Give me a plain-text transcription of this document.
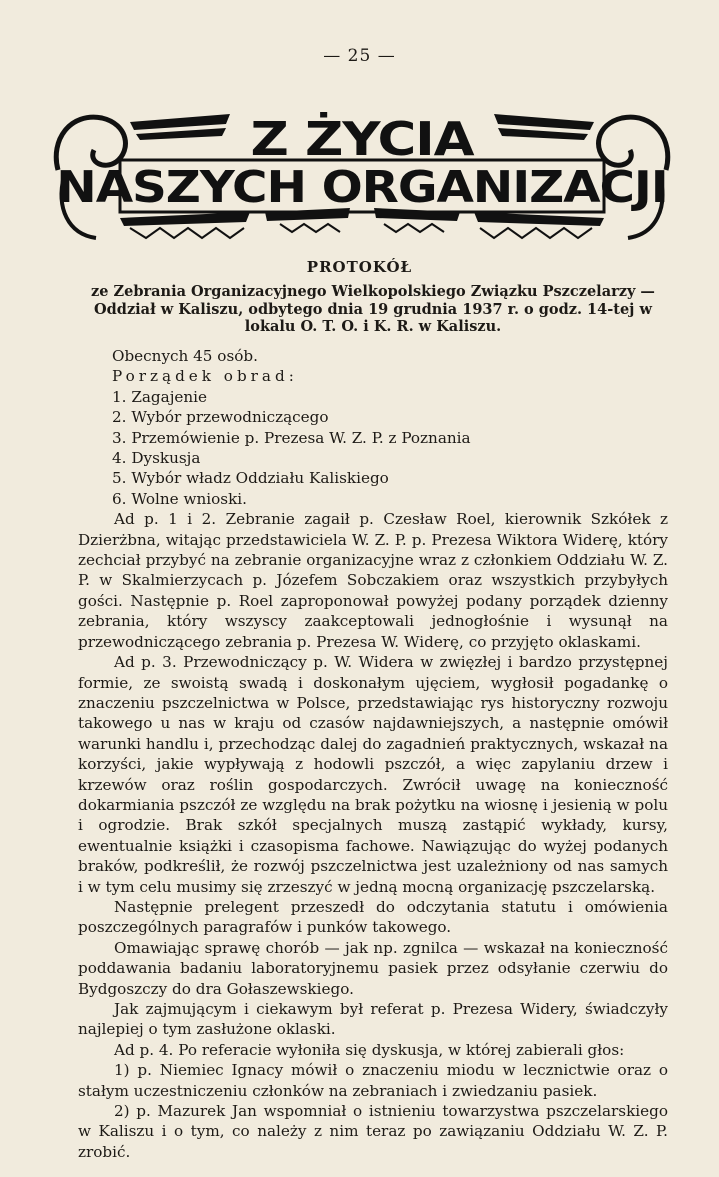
— 25 —
Z ŻYCIA
NASZYCH ORGANIZACJI
PROTOKÓŁ
ze Zebrania Organizacyjnego Wielkopolskiego Związku Pszczelarzy — Oddział w Kaliszu, odbytego dnia 19 grudnia 1937 r. o godz. 14-tej w lokalu O. T. O. i K. R. w Kaliszu.
Obecnych 45 osób.
Porządek obrad:
1. Zagajenie
2. Wybór przewodniczącego
3. Przemówienie p. Prezesa W. Z. P. z Poznania
4. Dyskusja
5. Wybór władz Oddziału Kaliskiego
6. Wolne wnioski.

Ad p. 1 i 2. Zebranie zagaił p. Czesław Roel, kierownik Szkółek z Dzierżbna, witając przedstawiciela W. Z. P. p. Prezesa Wiktora Widerę, który zechciał przybyć na zebranie organizacyjne wraz z członkiem Oddziału W. Z. P. w Skalmierzycach p. Józefem Sobczakiem oraz wszystkich przybyłych gości. Następnie p. Roel zaproponował powyżej podany porządek dzienny zebrania, który wszyscy zaakceptowali jednogłośnie i wysunął na przewodniczącego zebrania p. Prezesa W. Widerę, co przyjęto oklaskami.

Ad p. 3. Przewodniczący p. W. Widera w zwięzłej i bardzo przystępnej formie, ze swoistą swadą i doskonałym ujęciem, wygłosił pogadankę o znaczeniu pszczelnictwa w Polsce, przedstawiając rys historyczny rozwoju takowego u nas w kraju od czasów najdawniejszych, a następnie omówił warunki handlu i, przechodząc dalej do zagadnień praktycznych, wskazał na korzyści, jakie wypływają z hodowli pszczół, a więc zapylaniu drzew i krzewów oraz roślin gospodarczych. Zwrócił uwagę na konieczność dokarmiania pszczół ze względu na brak pożytku na wiosnę i jesienią w polu i ogrodzie. Brak szkół specjalnych muszą zastąpić wykłady, kursy, ewentualnie książki i czasopisma fachowe. Nawiązując do wyżej podanych braków, podkreślił, że rozwój pszczelnictwa jest uzależniony od nas samych i w tym celu musimy się zrzeszyć w jedną mocną organizację pszczelarską.

Następnie prelegent przeszedł do odczytania statutu i omówienia poszczególnych paragrafów i punków takowego.

Omawiając sprawę chorób — jak np. zgnilca — wskazał na konieczność poddawania badaniu laboratoryjnemu pasiek przez odsyłanie czerwiu do Bydgoszczy do dra Gołaszewskiego.

Jak zajmującym i ciekawym był referat p. Prezesa Widery, świadczyły najlepiej o tym zasłużone oklaski.

Ad p. 4. Po referacie wyłoniła się dyskusja, w której zabierali głos:

1) p. Niemiec Ignacy mówił o znaczeniu miodu w lecznictwie oraz o stałym uczestniczeniu członków na zebraniach i zwiedzaniu pasiek.

2) p. Mazurek Jan wspomniał o istnieniu towarzystwa pszczelarskiego w Kaliszu i o tym, co należy z nim teraz po zawiązaniu Oddziału W. Z. P. zrobić.
